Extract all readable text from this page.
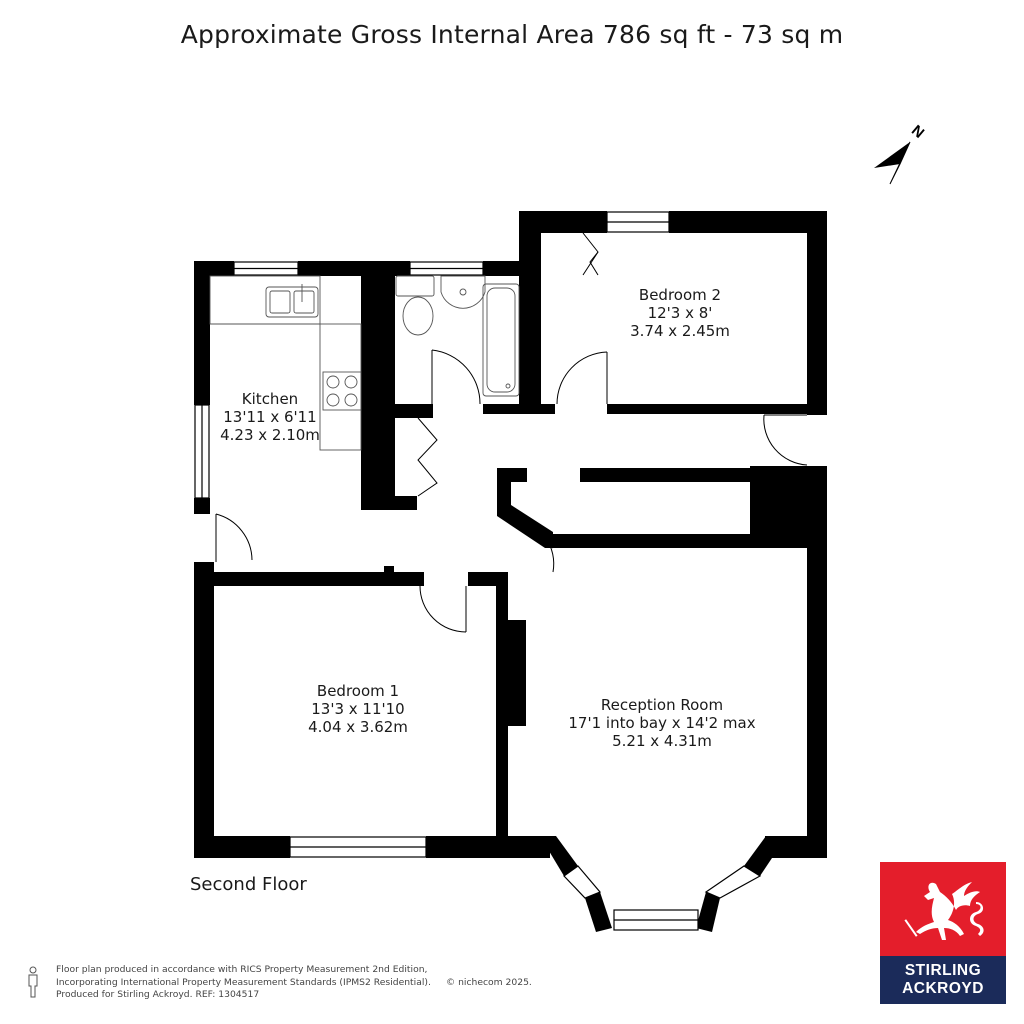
Approximate Gross Internal Area 786 sq ft - 73 sq m
N
Bedroom 2
12'3 x 8'
3.74 x 2.45m
Kitchen
13'11 x 6'11
4.23 x 2.10m
Bedroom 1
13'3 x 11'10
4.04 x 3.62m
Reception Room
17'1 into bay x 14'2 max
5.21 x 4.31m
Second Floor
Floor plan produced in accordance with RICS Property Measurement 2nd Edition,
Incorporating International Property Measurement Standards (IPMS2 Residential).
Produced for Stirling Ackroyd. REF: 1304517
© nichecom 2025.
STIRLING
ACKROYD
